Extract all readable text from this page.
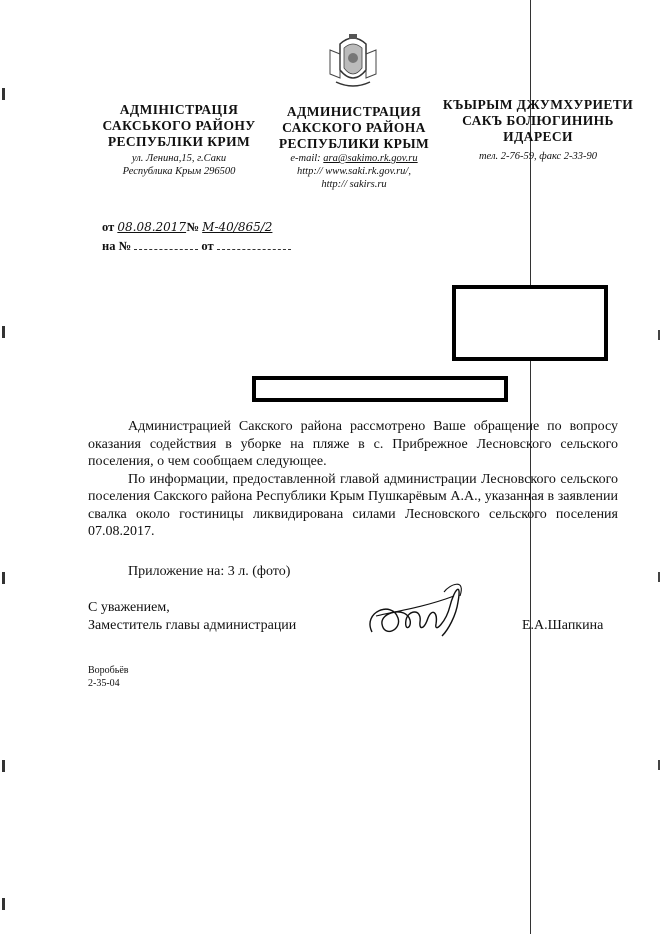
АДМІНІСТРАЦІЯ
САКСЬКОГО РАЙОНУ
РЕСПУБЛІКИ КРИМ
ул. Ленина,15, г.Саки
Республика Крым 296500
АДМИНИСТРАЦИЯ
САКСКОГО РАЙОНА
РЕСПУБЛИКИ КРЫМ
e-mail: ara@sakimo.rk.gov.ru
http:// www.saki.rk.gov.ru/,
http:// sakirs.ru
КЪЫРЫМ ДЖУМХУРИЕТИ
САКЪ БОЛЮГИНИНЬ
ИДАРЕСИ
тел. 2-76-59, факс 2-33-90
от 08.08.2017 № М-40/865/2
на №	от

Администрацией Сакского района рассмотрено Ваше обращение по вопросу оказания содействия в уборке на пляже в с. Прибрежное Лесновского сельского поселения, о чем сообщаем следующее.

По информации, предоставленной главой администрации Лесновского сельского поселения Сакского района Республики Крым Пушкарёвым А.А., указанная в заявлении свалка около гостиницы ликвидирована силами Лесновского сельского поселения 07.08.2017.

Приложение на: 3 л. (фото)
С уважением,
Заместитель главы администрации	Е.А.Шапкина
Воробьёв
2-35-04
